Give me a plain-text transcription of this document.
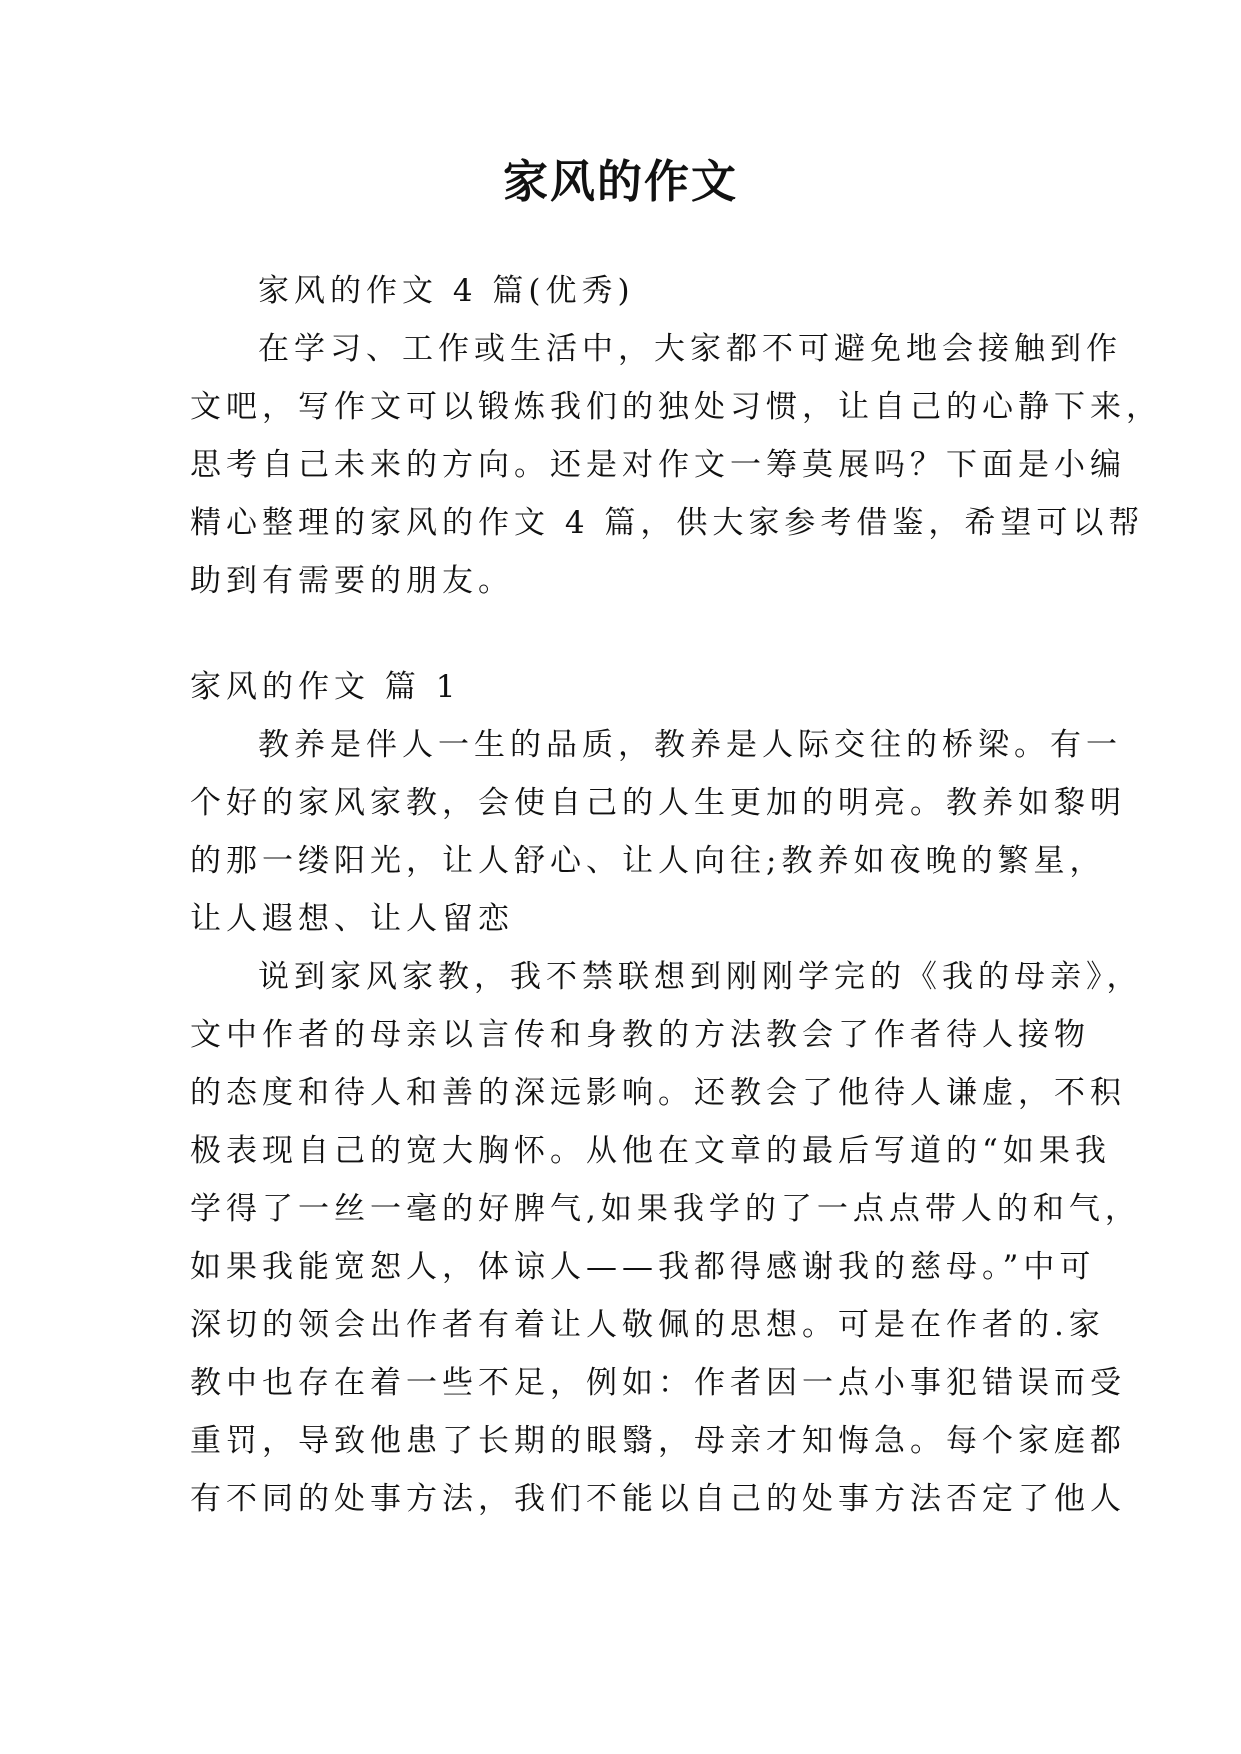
家风的作文
家风的作文 4 篇(优秀)
在学习、工作或生活中，大家都不可避免地会接触到作
文吧，写作文可以锻炼我们的独处习惯，让自己的心静下来，
思考自己未来的方向。还是对作文一筹莫展吗？下面是小编
精心整理的家风的作文 4 篇，供大家参考借鉴，希望可以帮
助到有需要的朋友。
家风的作文 篇 1
教养是伴人一生的品质，教养是人际交往的桥梁。有一
个好的家风家教，会使自己的人生更加的明亮。教养如黎明
的那一缕阳光，让人舒心、让人向往;教养如夜晚的繁星，
让人遐想、让人留恋
说到家风家教，我不禁联想到刚刚学完的《我的母亲》，
文中作者的母亲以言传和身教的方法教会了作者待人接物
的态度和待人和善的深远影响。还教会了他待人谦虚，不积
极表现自己的宽大胸怀。从他在文章的最后写道的“如果我
学得了一丝一毫的好脾气,如果我学的了一点点带人的和气，
如果我能宽恕人，体谅人——我都得感谢我的慈母。”中可
深切的领会出作者有着让人敬佩的思想。可是在作者的.家
教中也存在着一些不足，例如：作者因一点小事犯错误而受
重罚，导致他患了长期的眼翳，母亲才知悔急。每个家庭都
有不同的处事方法，我们不能以自己的处事方法否定了他人
